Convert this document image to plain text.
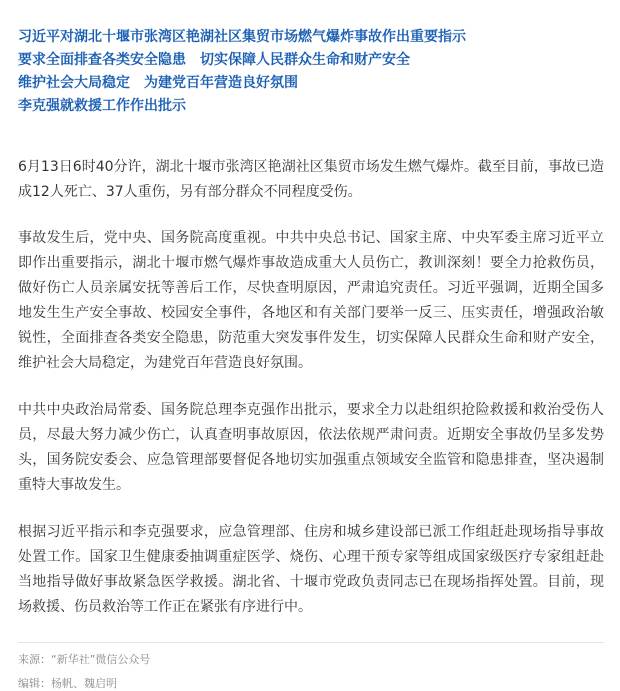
习近平对湖北十堰市张湾区艳湖社区集贸市场燃气爆炸事故作出重要指示

要求全面排查各类安全隐患　切实保障人民群众生命和财产安全

维护社会大局稳定　为建党百年营造良好氛围

李克强就救援工作作出批示

6月13日6时40分许，湖北十堰市张湾区艳湖社区集贸市场发生燃气爆炸。截至目前，事故已造成12人死亡、37人重伤，另有部分群众不同程度受伤。

事故发生后，党中央、国务院高度重视。中共中央总书记、国家主席、中央军委主席习近平立即作出重要指示，湖北十堰市燃气爆炸事故造成重大人员伤亡，教训深刻！要全力抢救伤员，做好伤亡人员亲属安抚等善后工作，尽快查明原因，严肃追究责任。习近平强调，近期全国多地发生生产安全事故、校园安全事件，各地区和有关部门要举一反三、压实责任，增强政治敏锐性，全面排查各类安全隐患，防范重大突发事件发生，切实保障人民群众生命和财产安全，维护社会大局稳定，为建党百年营造良好氛围。

中共中央政治局常委、国务院总理李克强作出批示，要求全力以赴组织抢险救援和救治受伤人员，尽最大努力减少伤亡，认真查明事故原因，依法依规严肃问责。近期安全事故仍呈多发势头，国务院安委会、应急管理部要督促各地切实加强重点领域安全监管和隐患排查，坚决遏制重特大事故发生。

根据习近平指示和李克强要求，应急管理部、住房和城乡建设部已派工作组赶赴现场指导事故处置工作。国家卫生健康委抽调重症医学、烧伤、心理干预专家等组成国家级医疗专家组赶赴当地指导做好事故紧急医学救援。湖北省、十堰市党政负责同志已在现场指挥处置。目前，现场救援、伤员救治等工作正在紧张有序进行中。

来源：“新华社”微信公众号

编辑：杨帆、魏启明
